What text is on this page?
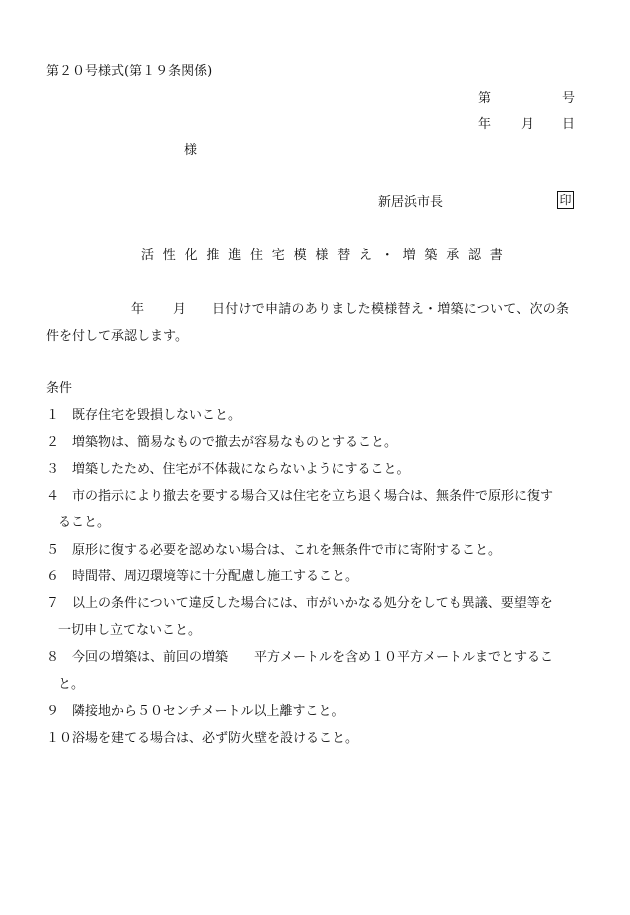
第２０号様式(第１９条関係)
第	号
年 月 日
様
新居浜市長	印
活性化推進住宅模様替え・増築承認書
年 月 日付けで申請のありました模様替え・増築について、次の条
件を付して承認します。
条件
１ 既存住宅を毀損しないこと。
２ 増築物は、簡易なもので撤去が容易なものとすること。
３ 増築したため、住宅が不体裁にならないようにすること。
４ 市の指示により撤去を要する場合又は住宅を立ち退く場合は、無条件で原形に復す
ること。
５ 原形に復する必要を認めない場合は、これを無条件で市に寄附すること。
６ 時間帯、周辺環境等に十分配慮し施工すること。
７ 以上の条件について違反した場合には、市がいかなる処分をしても異議、要望等を
一切申し立てないこと。
８ 今回の増築は、前回の増築　　平方メートルを含め１０平方メートルまでとするこ
と。
９ 隣接地から５０センチメートル以上離すこと。
１０浴場を建てる場合は、必ず防火壁を設けること。
